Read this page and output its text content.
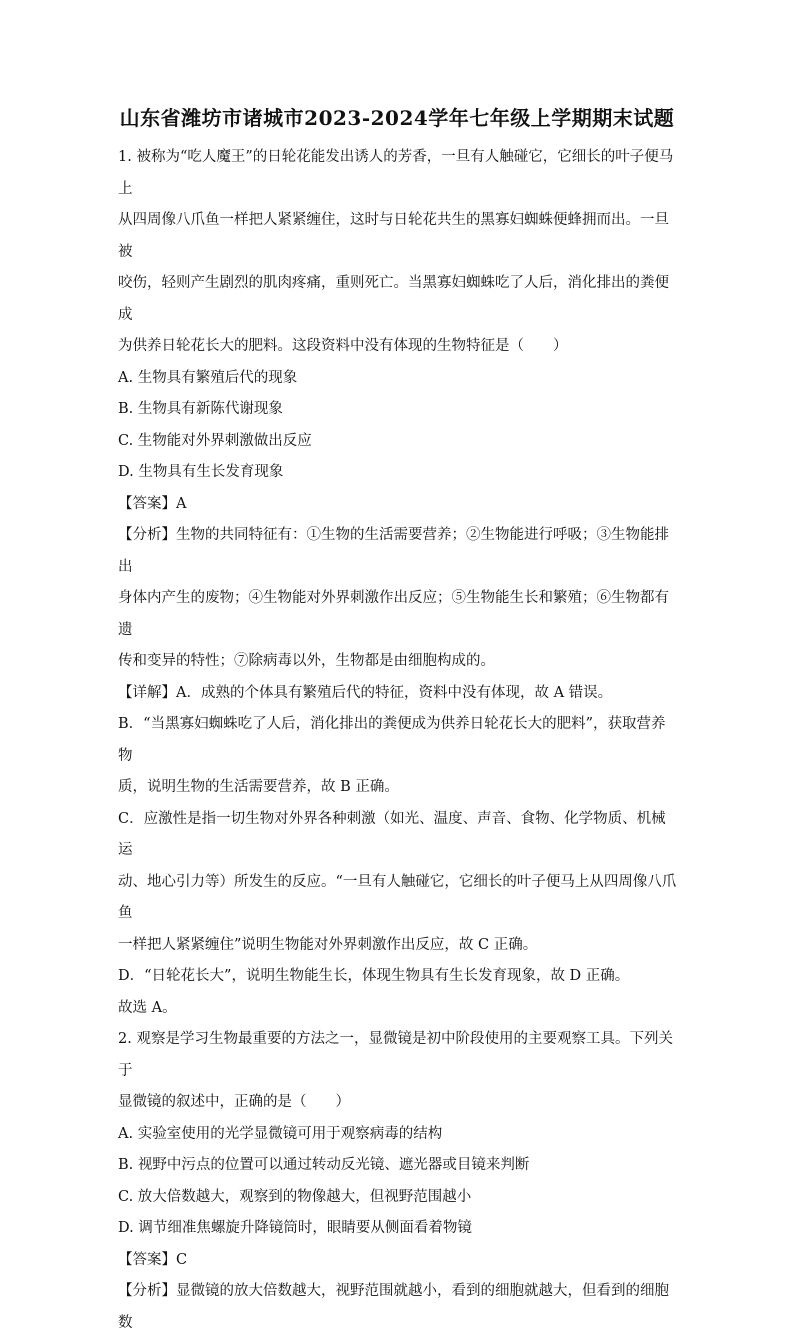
山东省潍坊市诸城市2023-2024学年七年级上学期期末试题

1. 被称为“吃人魔王”的日轮花能发出诱人的芳香，一旦有人触碰它，它细长的叶子便马上

从四周像八爪鱼一样把人紧紧缠住，这时与日轮花共生的黑寡妇蜘蛛便蜂拥而出。一旦被

咬伤，轻则产生剧烈的肌肉疼痛，重则死亡。当黑寡妇蜘蛛吃了人后，消化排出的粪便成

为供养日轮花长大的肥料。这段资料中没有体现的生物特征是（　　）

A. 生物具有繁殖后代的现象

B. 生物具有新陈代谢现象

C. 生物能对外界刺激做出反应

D. 生物具有生长发育现象

【答案】A

【分析】生物的共同特征有：①生物的生活需要营养；②生物能进行呼吸；③生物能排出

身体内产生的废物；④生物能对外界刺激作出反应；⑤生物能生长和繁殖；⑥生物都有遗

传和变异的特性；⑦除病毒以外，生物都是由细胞构成的。

【详解】A．成熟的个体具有繁殖后代的特征，资料中没有体现，故 A 错误。

B．“当黑寡妇蜘蛛吃了人后，消化排出的粪便成为供养日轮花长大的肥料”，获取营养物

质，说明生物的生活需要营养，故 B 正确。

C．应激性是指一切生物对外界各种刺激（如光、温度、声音、食物、化学物质、机械运

动、地心引力等）所发生的反应。“一旦有人触碰它，它细长的叶子便马上从四周像八爪鱼

一样把人紧紧缠住”说明生物能对外界刺激作出反应，故 C 正确。

D．“日轮花长大”，说明生物能生长，体现生物具有生长发育现象，故 D 正确。

故选 A。

2. 观察是学习生物最重要的方法之一，显微镜是初中阶段使用的主要观察工具。下列关于

显微镜的叙述中，正确的是（　　）

A. 实验室使用的光学显微镜可用于观察病毒的结构

B. 视野中污点的位置可以通过转动反光镜、遮光器或目镜来判断

C. 放大倍数越大，观察到的物像越大，但视野范围越小

D. 调节细准焦螺旋升降镜筒时，眼睛要从侧面看着物镜

【答案】C

【分析】显微镜的放大倍数越大，视野范围就越小，看到的细胞就越大，但看到的细胞数
